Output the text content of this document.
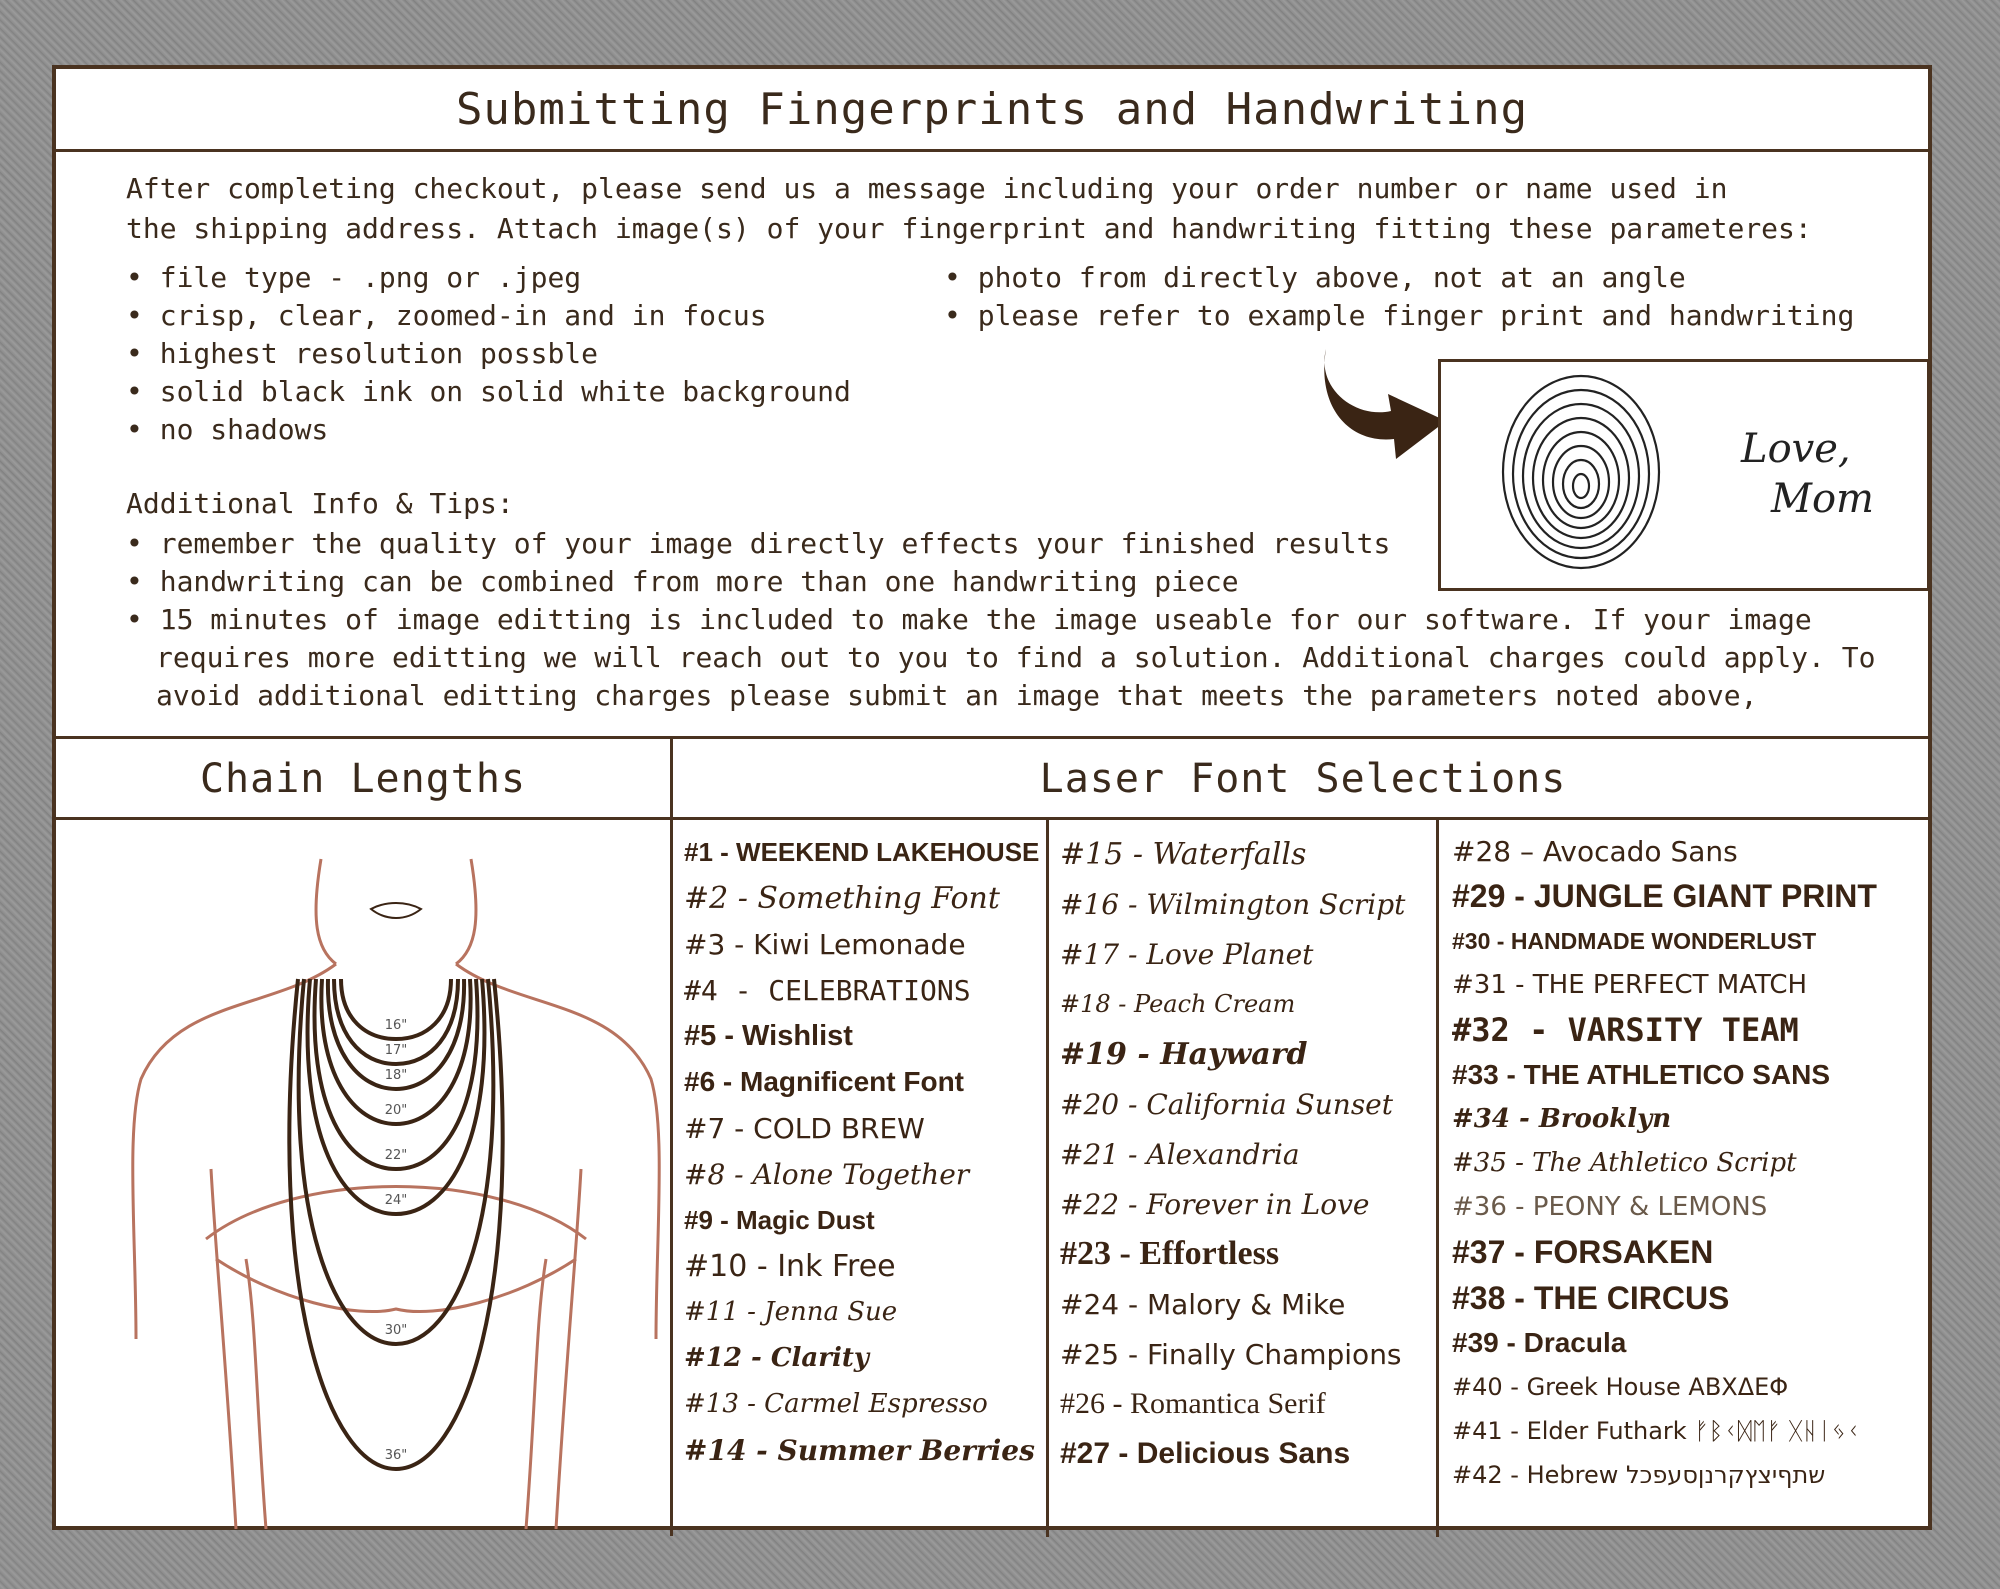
Submitting Fingerprints and Handwriting

After completing checkout, please send us a message including your order number or name used in

the shipping address. Attach image(s) of your fingerprint and handwriting fitting these parameteres:

• file type - .png or .jpeg
• crisp, clear, zoomed-in and in focus
• highest resolution possble
• solid black ink on solid white background
• no shadows
• photo from directly above, not at an angle
• please refer to example finger print and handwriting
Love,
Mom
Additional Info & Tips:
• remember the quality of your image directly effects your finished results
• handwriting can be combined from more than one handwriting piece
• 15 minutes of image editting is included to make the image useable for our software. If your image
requires more editting we will reach out to you to find a solution. Additional charges could apply. To
avoid additional editting charges please submit an image that meets the parameters noted above,
Chain Lengths	Laser Font Selections
16"
17"
18"
20"
22"
24"
30"
36"
#1 - WEEKEND LAKEHOUSE
#2 - Something Font
#3 - Kiwi Lemonade
#4 - CELEBRATIONS
#5 - Wishlist
#6 - Magnificent Font
#7 - COLD BREW
#8 - Alone Together
#9 - Magic Dust
#10 - Ink Free
#11 - Jenna Sue
#12 - Clarity
#13 - Carmel Espresso
#14 - Summer Berries
#15 - Waterfalls
#16 - Wilmington Script
#17 - Love Planet
#18 - Peach Cream
#19 - Hayward
#20 - California Sunset
#21 - Alexandria
#22 - Forever in Love
#23 - Effortless
#24 - Malory & Mike
#25 - Finally Champions
#26 - Romantica Serif
#27 - Delicious Sans
#28 – Avocado Sans
#29 - JUNGLE GIANT PRINT
#30 - HANDMADE WONDERLUST
#31 - THE PERFECT MATCH
#32 - VARSITY TEAM
#33 - THE ATHLETICO SANS
#34 - Brooklyn
#35 - The Athletico Script
#36 - PEONY & LEMONS
#37 - FORSAKEN
#38 - THE CIRCUS
#39 - Dracula
#40 - Greek House ΑΒΧΔΕΦ
#41 - Elder Futhark ᚠᛒᚲᛞᛖᚠ ᚷᚺᛁᛃᚲ
#42 - Hebrew שתףיצץקרנןסעפכל
